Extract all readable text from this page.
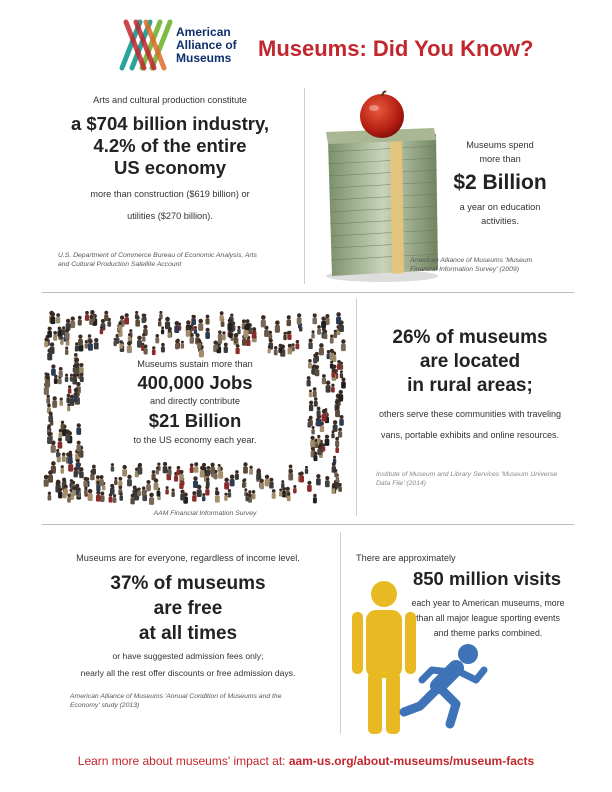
American
Alliance of
Museums Museums: Did You Know?
Arts and cultural production constitute
a $704 billion industry,
4.2% of the entire
US economy
more than construction ($619 billion) or
utilities ($270 billion).
U.S. Department of Commerce Bureau of Economic Analysis, Arts
and Cultural Production Satellite Account
Museums spend
more than
$2 Billion
a year on education
activities.
American Alliance of Museums 'Museum
Financial Information Survey' (2009)
Museums sustain more than
400,000 Jobs
and directly contribute
$21 Billion
to the US economy each year.
AAM Financial Information Survey
26% of museums
are located
in rural areas;
others serve these communities with traveling
vans, portable exhibits and online resources.
Institute of Museum and Library Services 'Museum Universe
Data File' (2014)
Museums are for everyone, regardless of income level.
37% of museums
are free
at all times
or have suggested admission fees only;
nearly all the rest offer discounts or free admission days.
American Alliance of Museums 'Annual Condition of Museums and the
Economy' study (2013)
There are approximately
850 million visits
each year to American museums, more
than all major league sporting events
and theme parks combined.
Learn more about museums' impact at: aam-us.org/about-museums/museum-facts
